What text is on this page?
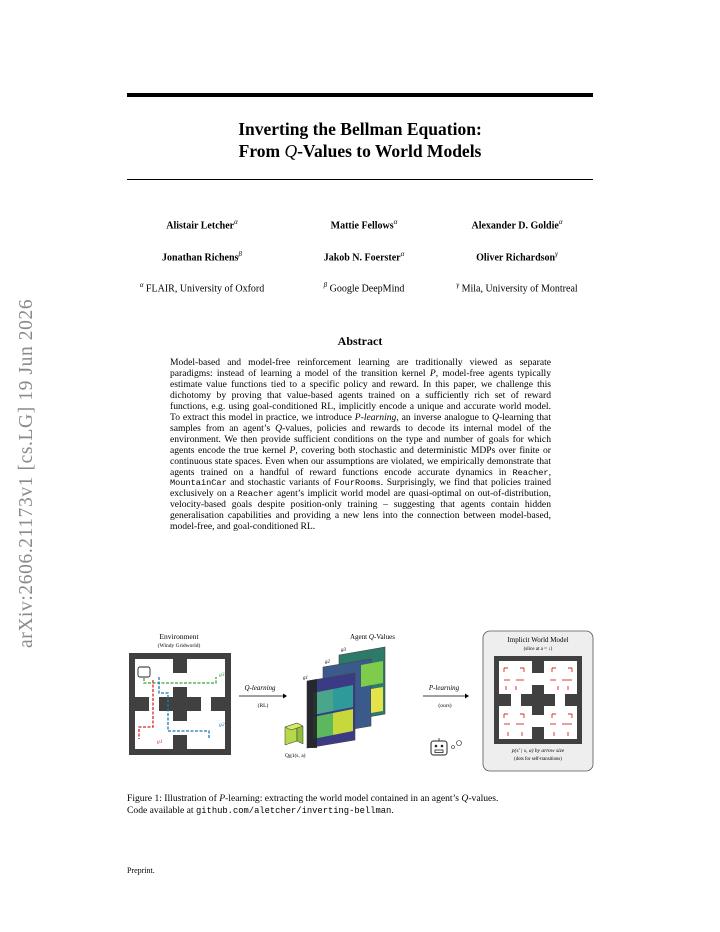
arXiv:2606.21173v1 [cs.LG] 19 Jun 2026
Inverting the Bellman Equation:
From Q-Values to World Models
Alistair Letcher$^\alpha$	Mattie Fellows$^\alpha$	Alexander D. Goldie$^\alpha$
Jonathan Richens$^\beta$	Jakob N. Foerster$^\alpha$	Oliver Richardson$^\gamma$
$^\alpha$ FLAIR, University of Oxford	$^\beta$ Google DeepMind	$^\gamma$ Mila, University of Montreal
Abstract
Model-based and model-free reinforcement learning are traditionally viewed as separate paradigms: instead of learning a model of the transition kernel P, model-free agents typically estimate value functions tied to a specific policy and reward. In this paper, we challenge this dichotomy by proving that value-based agents trained on a sufficiently rich set of reward functions, e.g. using goal-conditioned RL, implicitly encode a unique and accurate world model. To extract this model in practice, we introduce P-learning, an inverse analogue to Q-learning that samples from an agent’s Q-values, policies and rewards to decode its internal model of the environment. We then provide sufficient conditions on the type and number of goals for which agents encode the true kernel P, covering both stochastic and deterministic MDPs over finite or continuous state spaces. Even when our assumptions are violated, we empirically demonstrate that agents trained on a handful of reward functions encode accurate dynamics in Reacher, MountainCar and stochastic variants of FourRooms. Surprisingly, we find that policies trained exclusively on a Reacher agent’s implicit world model are quasi-optimal on out-of-distribution, velocity-based goals despite position-only training – suggesting that agents contain hidden generalisation capabilities and providing a new lens into the connection between model-based, model-free, and goal-conditioned RL.
Environment
(Windy Gridworld)
g3
g2
g1
Q-learning
(RL)
Agent Q-Values
g1
g2
g3
Qg1(s, a)
P-learning
(ours)
Implicit World Model
(slice at a = ↓)
p(s′ | s, a) by arrow size
(dots for self-transitions)
Figure 1: Illustration of P-learning: extracting the world model contained in an agent’s Q-values.
Code available at github.com/aletcher/inverting-bellman.
Preprint.
